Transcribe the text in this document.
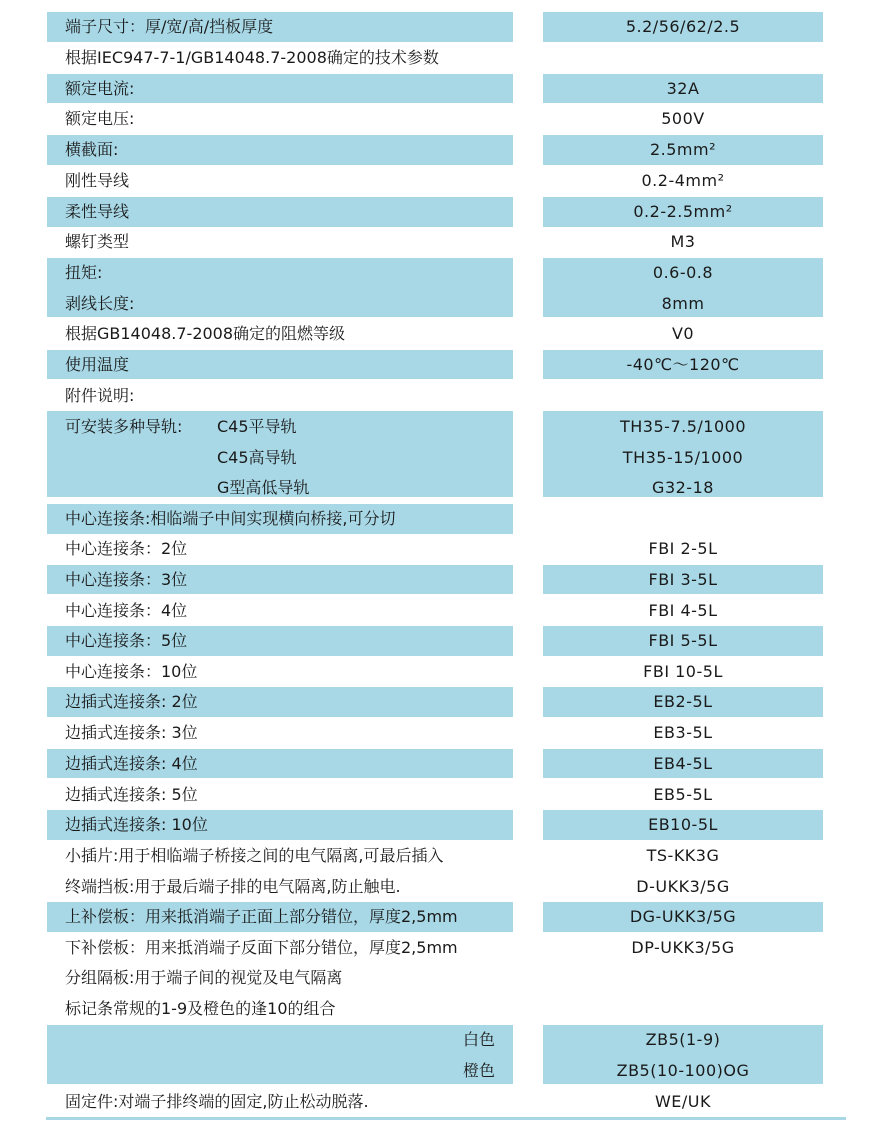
端子尺寸：厚/宽/高/挡板厚度
根据IEC947-7-1/GB14048.7-2008确定的技术参数
额定电流:
额定电压:
横截面:
刚性导线
柔性导线
螺钉类型
扭矩:
剥线长度:
根据GB14048.7-2008确定的阻燃等级
使用温度
附件说明:
可安装多种导轨: C45平导轨
C45高导轨
G型高低导轨
中心连接条:相临端子中间实现横向桥接,可分切
中心连接条：2位
中心连接条：3位
中心连接条：4位
中心连接条：5位
中心连接条：10位
边插式连接条: 2位
边插式连接条: 3位
边插式连接条: 4位
边插式连接条: 5位
边插式连接条: 10位
小插片:用于相临端子桥接之间的电气隔离,可最后插入
终端挡板:用于最后端子排的电气隔离,防止触电.
上补偿板：用来抵消端子正面上部分错位，厚度2,5mm
下补偿板：用来抵消端子反面下部分错位，厚度2,5mm
分组隔板:用于端子间的视觉及电气隔离
标记条常规的1-9及橙色的逢10的组合
白色
橙色
固定件:对端子排终端的固定,防止松动脱落.
5.2/56/62/2.5
32A
500V
2.5mm²
0.2-4mm²
0.2-2.5mm²
M3
0.6-0.8
8mm
V0
-40℃～120℃
TH35-7.5/1000
TH35-15/1000
G32-18
FBI 2-5L
FBI 3-5L
FBI 4-5L
FBI 5-5L
FBI 10-5L
EB2-5L
EB3-5L
EB4-5L
EB5-5L
EB10-5L
TS-KK3G
D-UKK3/5G
DG-UKK3/5G
DP-UKK3/5G
ZB5(1-9)
ZB5(10-100)OG
WE/UK
